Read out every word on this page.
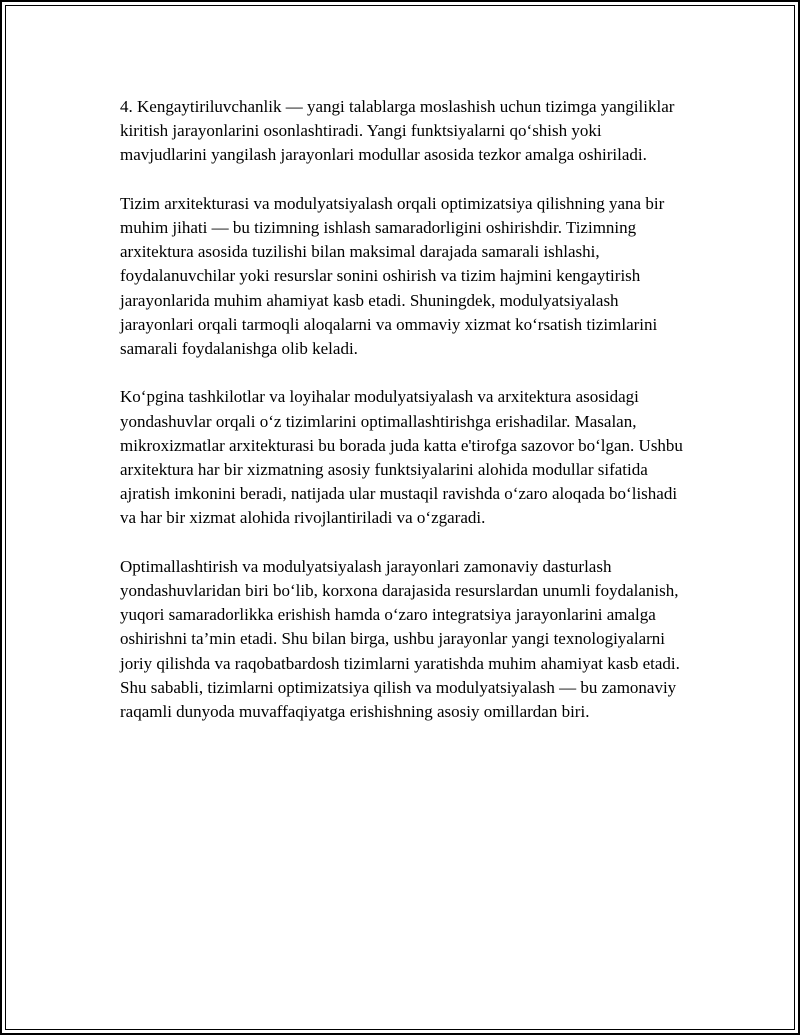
4. Kengaytiriluvchanlik — yangi talablarga moslashish uchun tizimga yangiliklar kiritish jarayonlarini osonlashtiradi. Yangi funktsiyalarni qo‘shish yoki mavjudlarini yangilash jarayonlari modullar asosida tezkor amalga oshiriladi.

Tizim arxitekturasi va modulyatsiyalash orqali optimizatsiya qilishning yana bir muhim jihati — bu tizimning ishlash samaradorligini oshirishdir. Tizimning arxitektura asosida tuzilishi bilan maksimal darajada samarali ishlashi, foydalanuvchilar yoki resurslar sonini oshirish va tizim hajmini kengaytirish jarayonlarida muhim ahamiyat kasb etadi. Shuningdek, modulyatsiyalash jarayonlari orqali tarmoqli aloqalarni va ommaviy xizmat ko‘rsatish tizimlarini samarali foydalanishga olib keladi.

Ko‘pgina tashkilotlar va loyihalar modulyatsiyalash va arxitektura asosidagi yondashuvlar orqali o‘z tizimlarini optimallashtirishga erishadilar. Masalan, mikroxizmatlar arxitekturasi bu borada juda katta e'tirofga sazovor bo‘lgan. Ushbu arxitektura har bir xizmatning asosiy funktsiyalarini alohida modullar sifatida ajratish imkonini beradi, natijada ular mustaqil ravishda o‘zaro aloqada bo‘lishadi va har bir xizmat alohida rivojlantiriladi va o‘zgaradi.

Optimallashtirish va modulyatsiyalash jarayonlari zamonaviy dasturlash yondashuvlaridan biri bo‘lib, korxona darajasida resurslardan unumli foydalanish, yuqori samaradorlikka erishish hamda o‘zaro integratsiya jarayonlarini amalga oshirishni ta’min etadi. Shu bilan birga, ushbu jarayonlar yangi texnologiyalarni joriy qilishda va raqobatbardosh tizimlarni yaratishda muhim ahamiyat kasb etadi. Shu sababli, tizimlarni optimizatsiya qilish va modulyatsiyalash — bu zamonaviy raqamli dunyoda muvaffaqiyatga erishishning asosiy omillardan biri.
